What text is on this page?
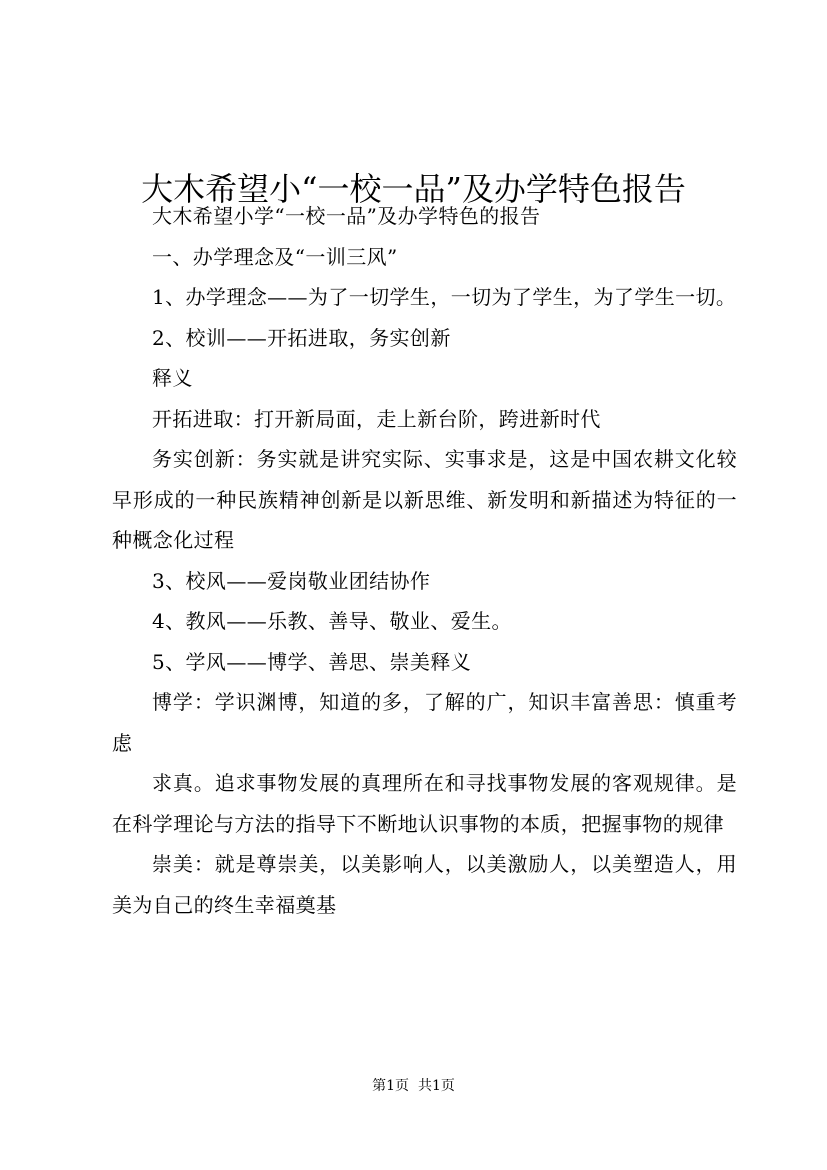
大木希望小“一校一品”及办学特色报告

大木希望小学“一校一品”及办学特色的报告

一、办学理念及“一训三风”

1、办学理念——为了一切学生，一切为了学生，为了学生一切。

2、校训——开拓进取，务实创新

释义

开拓进取：打开新局面，走上新台阶，跨进新时代

务实创新：务实就是讲究实际、实事求是，这是中国农耕文化较早形成的一种民族精神创新是以新思维、新发明和新描述为特征的一种概念化过程

3、校风——爱岗敬业团结协作

4、教风——乐教、善导、敬业、爱生。

5、学风——博学、善思、崇美释义

博学：学识渊博，知道的多，了解的广，知识丰富善思：慎重考虑

求真。追求事物发展的真理所在和寻找事物发展的客观规律。是在科学理论与方法的指导下不断地认识事物的本质，把握事物的规律

崇美：就是尊崇美，以美影响人，以美激励人，以美塑造人，用美为自己的终生幸福奠基

第1页  共1页
